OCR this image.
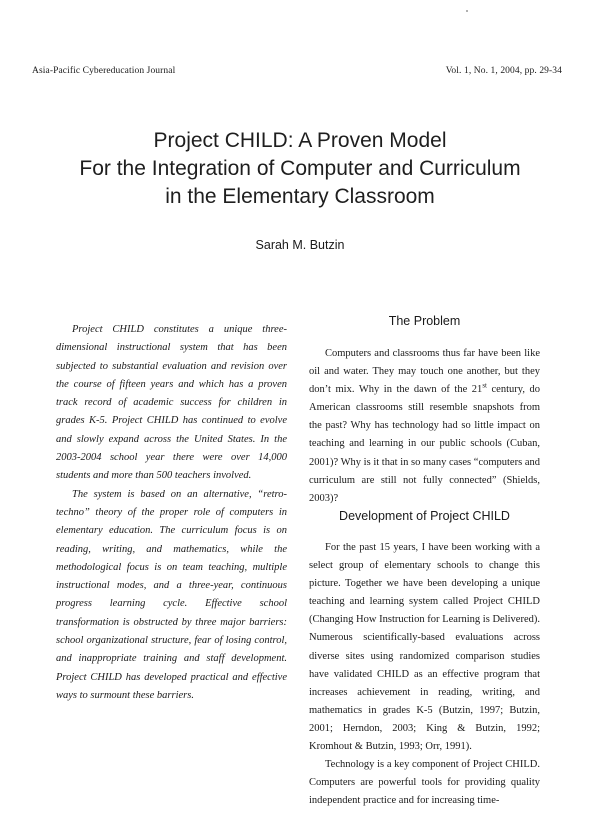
Asia-Pacific Cybereducation Journal	Vol. 1, No. 1, 2004, pp. 29-34
Project CHILD: A Proven Model
For the Integration of Computer and Curriculum
in the Elementary Classroom
Sarah M. Butzin

Project CHILD constitutes a unique three-dimensional instructional system that has been subjected to substantial evaluation and revision over the course of fifteen years and which has a proven track record of academic success for children in grades K-5. Project CHILD has continued to evolve and slowly expand across the United States. In the 2003-2004 school year there were over 14,000 students and more than 500 teachers involved.

The system is based on an alternative, “retro-techno” theory of the proper role of computers in elementary education. The curriculum focus is on reading, writing, and mathematics, while the methodological focus is on team teaching, multiple instructional modes, and a three-year, continuous progress learning cycle. Effective school transformation is obstructed by three major barriers: school organizational structure, fear of losing control, and inappropriate training and staff development. Project CHILD has developed practical and effective ways to surmount these barriers.

The Problem

Computers and classrooms thus far have been like oil and water. They may touch one another, but they don’t mix. Why in the dawn of the 21st century, do American classrooms still resemble snapshots from the past? Why has technology had so little impact on teaching and learning in our public schools (Cuban, 2001)? Why is it that in so many cases “computers and curriculum are still not fully connected” (Shields, 2003)?

Development of Project CHILD

For the past 15 years, I have been working with a select group of elementary schools to change this picture. Together we have been developing a unique teaching and learning system called Project CHILD (Changing How Instruction for Learning is Delivered). Numerous scientifically-based evaluations across diverse sites using randomized comparison studies have validated CHILD as an effective program that increases achievement in reading, writing, and mathematics in grades K-5 (Butzin, 1997; Butzin, 2001; Herndon, 2003; King & Butzin, 1992; Kromhout & Butzin, 1993; Orr, 1991).

Technology is a key component of Project CHILD. Computers are powerful tools for providing quality independent practice and for increasing time-
